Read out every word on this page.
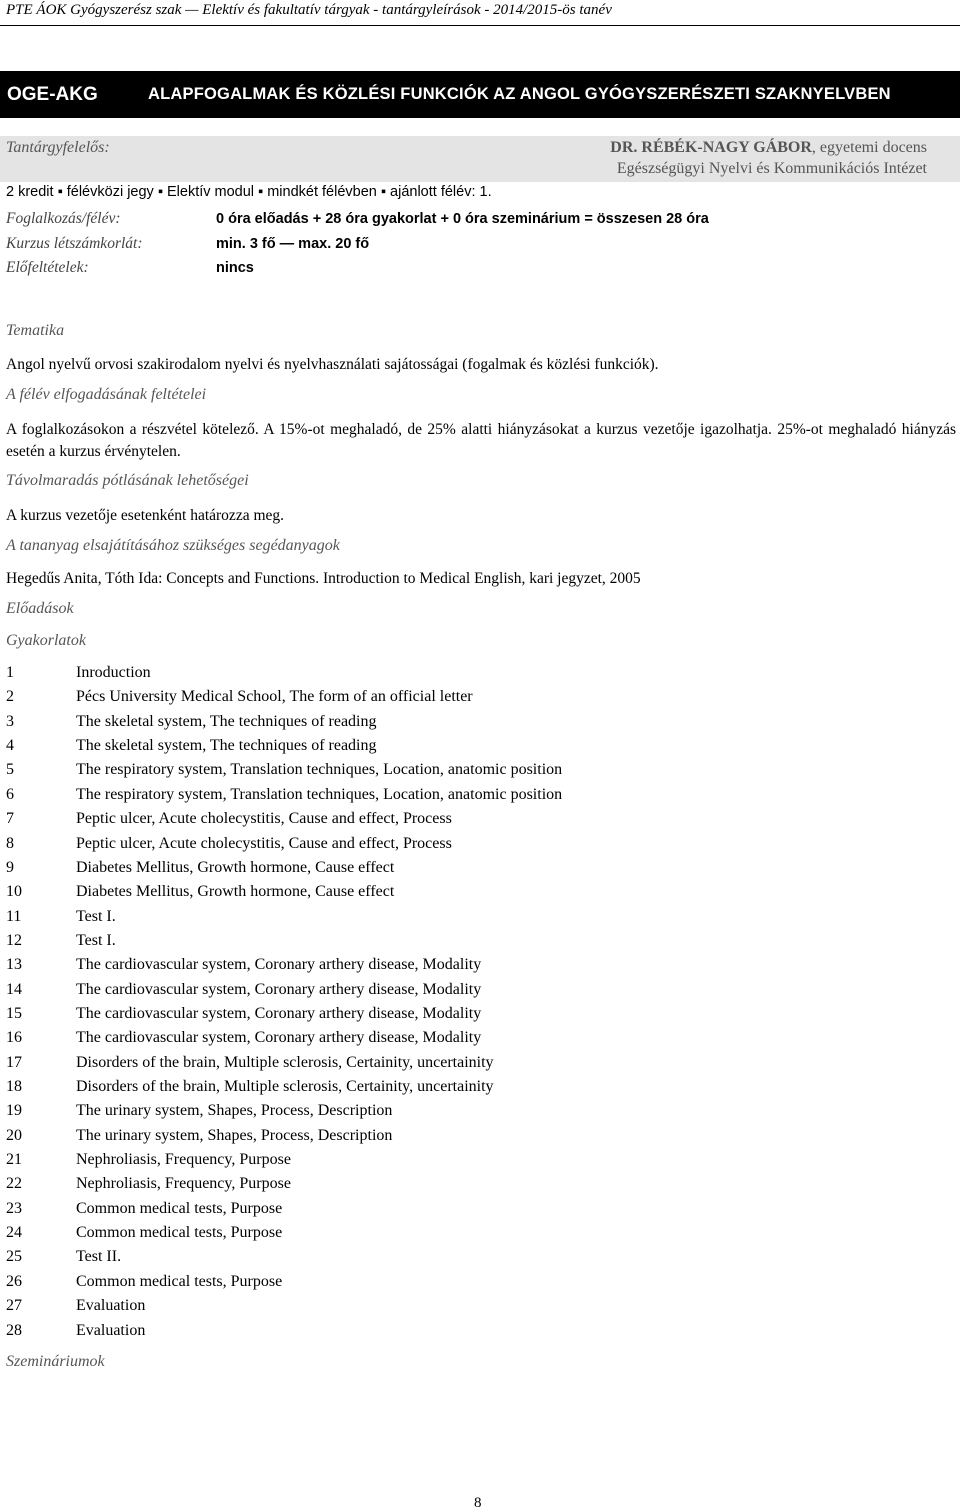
PTE ÁOK Gyógyszerész szak — Elektív és fakultatív tárgyak - tantárgyleírások - 2014/2015-ös tanév
OGE-AKG	ALAPFOGALMAK ÉS KÖZLÉSI FUNKCIÓK AZ ANGOL GYÓGYSZERÉSZETI SZAKNYELVBEN
Tantárgyfelelős:	DR. RÉBÉK-NAGY GÁBOR, egyetemi docens
Egészségügyi Nyelvi és Kommunikációs Intézet
2 kredit ▪ félévközi jegy ▪ Elektív modul ▪ mindkét félévben ▪ ajánlott félév: 1.
Foglalkozás/félév:	0 óra előadás + 28 óra gyakorlat + 0 óra szeminárium = összesen 28 óra
Kurzus létszámkorlát:	min. 3 fő — max. 20 fő
Előfeltételek:	nincs
Tematika
Angol nyelvű orvosi szakirodalom nyelvi és nyelvhasználati sajátosságai (fogalmak és közlési funkciók).
A félév elfogadásának feltételei
A foglalkozásokon a részvétel kötelező. A 15%-ot meghaladó, de 25% alatti hiányzásokat a kurzus vezetője igazolhatja. 25%-ot meghaladó hiányzás esetén a kurzus érvénytelen.
Távolmaradás pótlásának lehetőségei
A kurzus vezetője esetenként határozza meg.
A tananyag elsajátításához szükséges segédanyagok
Hegedűs Anita, Tóth Ida: Concepts and Functions. Introduction to Medical English, kari jegyzet, 2005
Előadások
Gyakorlatok
1	Inroduction
2	Pécs University Medical School, The form of an official letter
3	The skeletal system, The techniques of reading
4	The skeletal system, The techniques of reading
5	The respiratory system, Translation techniques, Location, anatomic position
6	The respiratory system, Translation techniques, Location, anatomic position
7	Peptic ulcer, Acute cholecystitis, Cause and effect, Process
8	Peptic ulcer, Acute cholecystitis, Cause and effect, Process
9	Diabetes Mellitus, Growth hormone, Cause effect
10	Diabetes Mellitus, Growth hormone, Cause effect
11	Test I.
12	Test I.
13	The cardiovascular system, Coronary arthery disease, Modality
14	The cardiovascular system, Coronary arthery disease, Modality
15	The cardiovascular system, Coronary arthery disease, Modality
16	The cardiovascular system, Coronary arthery disease, Modality
17	Disorders of the brain, Multiple sclerosis, Certainity, uncertainity
18	Disorders of the brain, Multiple sclerosis, Certainity, uncertainity
19	The urinary system, Shapes, Process, Description
20	The urinary system, Shapes, Process, Description
21	Nephroliasis, Frequency, Purpose
22	Nephroliasis, Frequency, Purpose
23	Common medical tests, Purpose
24	Common medical tests, Purpose
25	Test II.
26	Common medical tests, Purpose
27	Evaluation
28	Evaluation
Szemináriumok
8
